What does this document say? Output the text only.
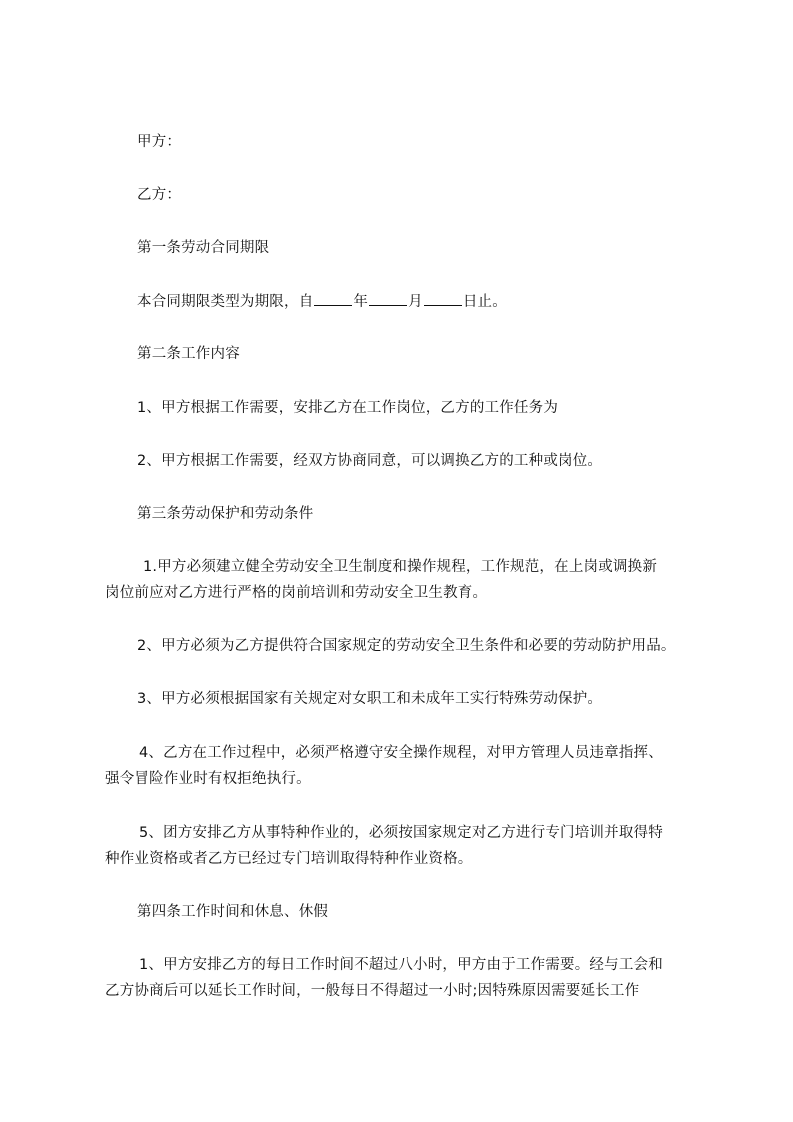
甲方：
乙方：
第一条劳动合同期限
本合同期限类型为期限，自	年	月	日止。
第二条工作内容
1、甲方根据工作需要，安排乙方在工作岗位，乙方的工作任务为
2、甲方根据工作需要，经双方协商同意，可以调换乙方的工种或岗位。
第三条劳动保护和劳动条件
1.甲方必须建立健全劳动安全卫生制度和操作规程，工作规范，在上岗或调换新
岗位前应对乙方进行严格的岗前培训和劳动安全卫生教育。
2、甲方必须为乙方提供符合国家规定的劳动安全卫生条件和必要的劳动防护用品。
3、甲方必须根据国家有关规定对女职工和未成年工实行特殊劳动保护。
4、乙方在工作过程中，必须严格遵守安全操作规程，对甲方管理人员违章指挥、
强令冒险作业时有权拒绝执行。
5、团方安排乙方从事特种作业的，必须按国家规定对乙方进行专门培训并取得特
种作业资格或者乙方已经过专门培训取得特种作业资格。
第四条工作时间和休息、休假
1、甲方安排乙方的每日工作时间不超过八小时，甲方由于工作需要。经与工会和
乙方协商后可以延长工作时间，一般每日不得超过一小时;因特殊原因需要延长工作
